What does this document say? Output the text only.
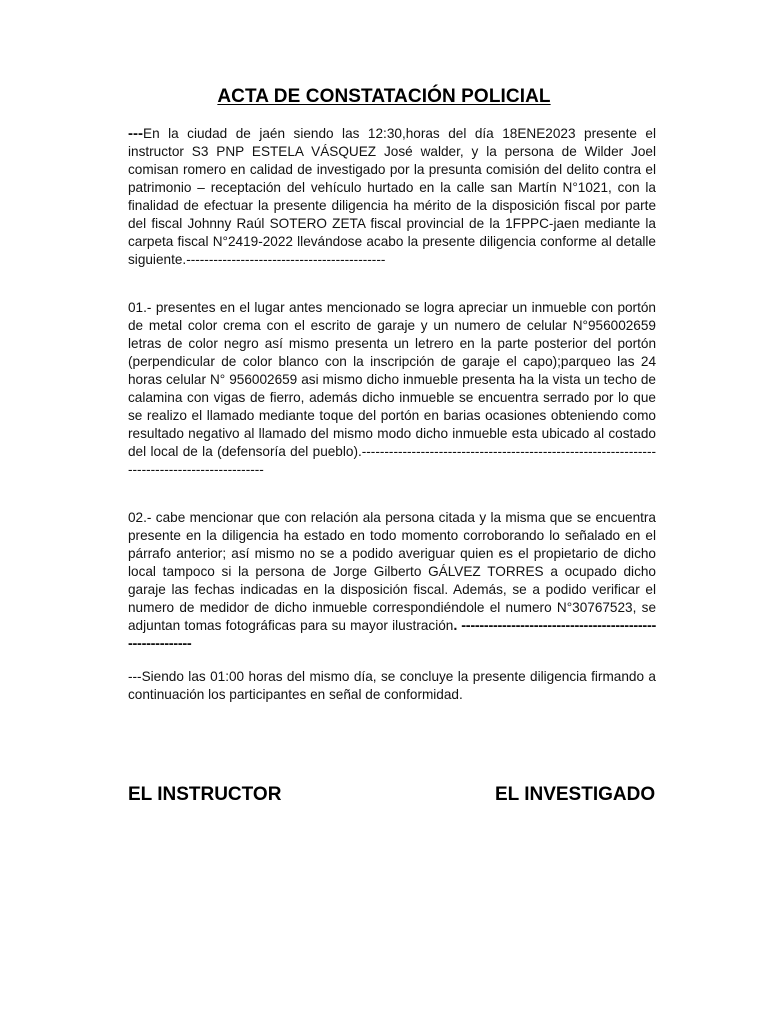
ACTA DE CONSTATACIÓN POLICIAL
---En la ciudad de jaén siendo las 12:30,horas del día 18ENE2023 presente el instructor S3 PNP ESTELA VÁSQUEZ José walder, y la persona de Wilder Joel comisan romero en calidad de investigado por la presunta comisión del delito contra el patrimonio – receptación del vehículo hurtado en la calle san Martín N°1021, con la finalidad de efectuar la presente diligencia ha mérito de la disposición fiscal por parte del fiscal Johnny Raúl SOTERO ZETA fiscal provincial de la 1FPPC-jaen mediante la carpeta fiscal N°2419-2022 llevándose acabo la presente diligencia conforme al detalle siguiente.--------------------------------------------
01.- presentes en el lugar antes mencionado se logra apreciar un inmueble con portón de metal color crema con el escrito de garaje y un numero de celular N°956002659 letras de color negro así mismo presenta un letrero en la parte posterior del portón (perpendicular de color blanco con la inscripción de garaje el capo);parqueo las 24 horas celular N° 956002659 asi mismo dicho inmueble presenta ha la vista un techo de calamina con vigas de fierro, además dicho inmueble se encuentra serrado por lo que se realizo el llamado mediante toque del portón en barias ocasiones obteniendo como resultado negativo al llamado del mismo modo dicho inmueble esta ubicado al costado del local de la (defensoría del pueblo).-----------------------------------------------------------------------------------------------
02.- cabe mencionar que con relación ala persona citada y la misma que se encuentra presente en la diligencia ha estado en todo momento corroborando lo señalado en el párrafo anterior; así mismo no se a podido averiguar quien es el propietario de dicho local tampoco si la persona de Jorge Gilberto GÁLVEZ TORRES a ocupado dicho garaje las fechas indicadas en la disposición fiscal. Además, se a podido verificar el numero de medidor de dicho inmueble correspondiéndole el numero N°30767523, se adjuntan tomas fotográficas para su mayor ilustración. ---------------------------------------------------------
---Siendo las 01:00 horas del mismo día, se concluye la presente diligencia firmando a continuación los participantes en señal de conformidad.
EL INSTRUCTOR	EL INVESTIGADO
